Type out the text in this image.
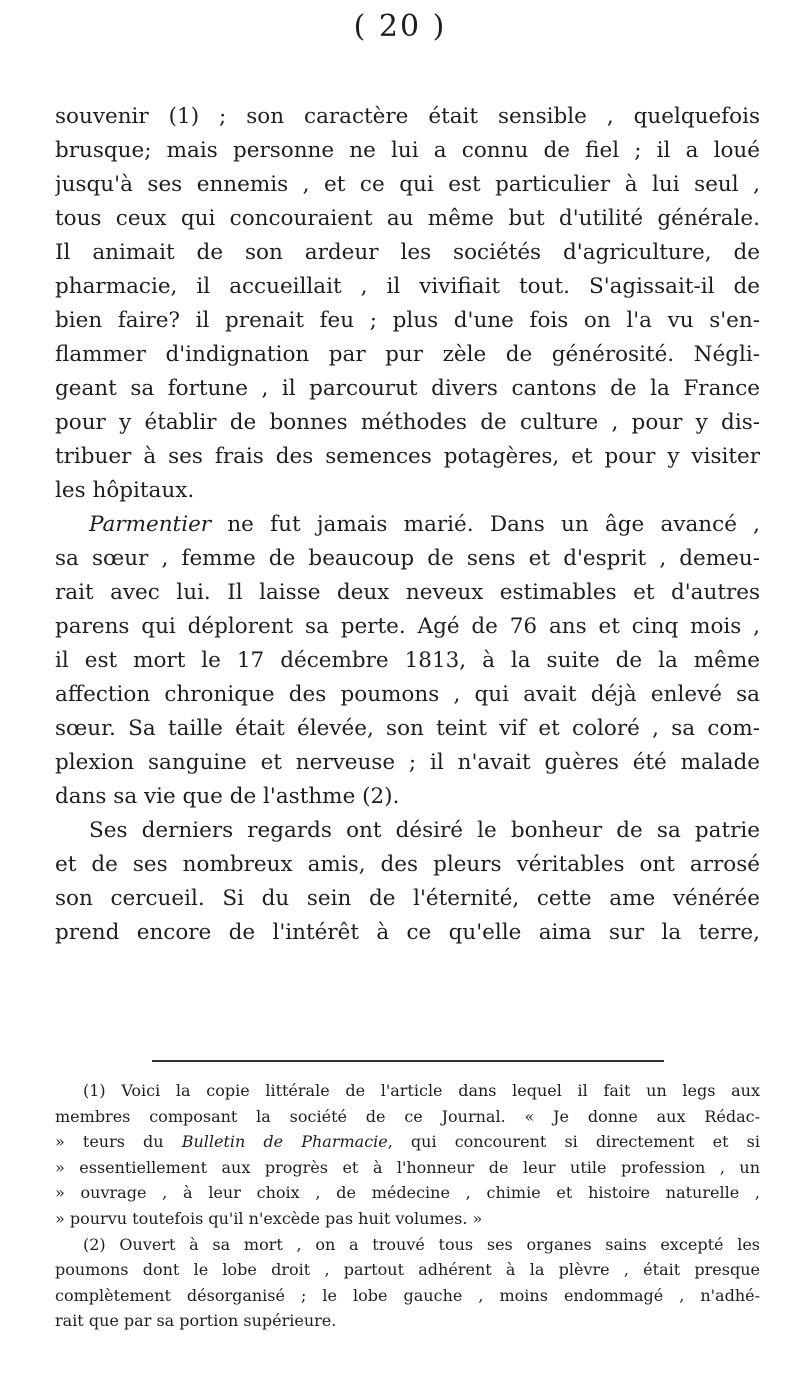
( 20 )
souvenir (1) ; son caractère était sensible , quelquefois
brusque; mais personne ne lui a connu de fiel ; il a loué
jusqu'à ses ennemis , et ce qui est particulier à lui seul ,
tous ceux qui concouraient au même but d'utilité générale.
Il animait de son ardeur les sociétés d'agriculture, de
pharmacie, il accueillait , il vivifiait tout. S'agissait-il de
bien faire? il prenait feu ; plus d'une fois on l'a vu s'en-
flammer d'indignation par pur zèle de générosité. Négli-
geant sa fortune , il parcourut divers cantons de la France
pour y établir de bonnes méthodes de culture , pour y dis-
tribuer à ses frais des semences potagères, et pour y visiter
les hôpitaux.
Parmentier ne fut jamais marié. Dans un âge avancé ,
sa sœur , femme de beaucoup de sens et d'esprit , demeu-
rait avec lui. Il laisse deux neveux estimables et d'autres
parens qui déplorent sa perte. Agé de 76 ans et cinq mois ,
il est mort le 17 décembre 1813, à la suite de la même
affection chronique des poumons , qui avait déjà enlevé sa
sœur. Sa taille était élevée, son teint vif et coloré , sa com-
plexion sanguine et nerveuse ; il n'avait guères été malade
dans sa vie que de l'asthme (2).
Ses derniers regards ont désiré le bonheur de sa patrie
et de ses nombreux amis, des pleurs véritables ont arrosé
son cercueil. Si du sein de l'éternité, cette ame vénérée
prend encore de l'intérêt à ce qu'elle aima sur la terre,
(1) Voici la copie littérale de l'article dans lequel il fait un legs aux
membres composant la société de ce Journal. « Je donne aux Rédac-
» teurs du Bulletin de Pharmacie, qui concourent si directement et si
» essentiellement aux progrès et à l'honneur de leur utile profession , un
» ouvrage , à leur choix , de médecine , chimie et histoire naturelle ,
» pourvu toutefois qu'il n'excède pas huit volumes. »
(2) Ouvert à sa mort , on a trouvé tous ses organes sains excepté les
poumons dont le lobe droit , partout adhérent à la plèvre , était presque
complètement désorganisé ; le lobe gauche , moins endommagé , n'adhé-
rait que par sa portion supérieure.
